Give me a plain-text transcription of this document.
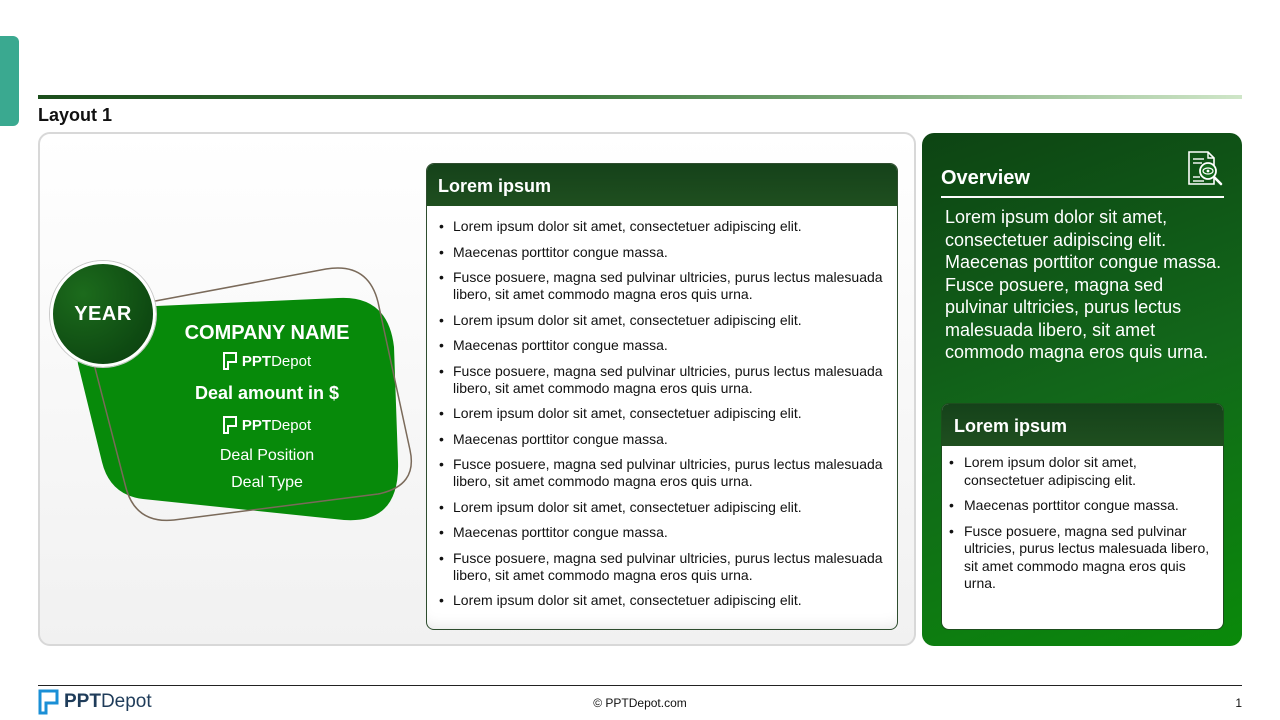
Layout 1
YEAR
COMPANY NAME
PPT Depot
Deal amount in $
PPT Depot
Deal Position
Deal Type
Lorem ipsum
• Lorem ipsum dolor sit amet, consectetuer adipiscing elit.
• Maecenas porttitor congue massa.
• Fusce posuere, magna sed pulvinar ultricies, purus lectus malesuada libero, sit amet commodo magna eros quis urna.
• Lorem ipsum dolor sit amet, consectetuer adipiscing elit.
• Maecenas porttitor congue massa.
• Fusce posuere, magna sed pulvinar ultricies, purus lectus malesuada libero, sit amet commodo magna eros quis urna.
• Lorem ipsum dolor sit amet, consectetuer adipiscing elit.
• Maecenas porttitor congue massa.
• Fusce posuere, magna sed pulvinar ultricies, purus lectus malesuada libero, sit amet commodo magna eros quis urna.
• Lorem ipsum dolor sit amet, consectetuer adipiscing elit.
• Maecenas porttitor congue massa.
• Fusce posuere, magna sed pulvinar ultricies, purus lectus malesuada libero, sit amet commodo magna eros quis urna.
• Lorem ipsum dolor sit amet, consectetuer adipiscing elit.
Overview
Lorem ipsum dolor sit amet, consectetuer adipiscing elit. Maecenas porttitor congue massa. Fusce posuere, magna sed pulvinar ultricies, purus lectus malesuada libero, sit amet commodo magna eros quis urna.
Lorem ipsum
• Lorem ipsum dolor sit amet, consectetuer adipiscing elit.
• Maecenas porttitor congue massa.
• Fusce posuere, magna sed pulvinar ultricies, purus lectus malesuada libero, sit amet commodo magna eros quis urna.
PPT Depot	© PPTDepot.com	1
